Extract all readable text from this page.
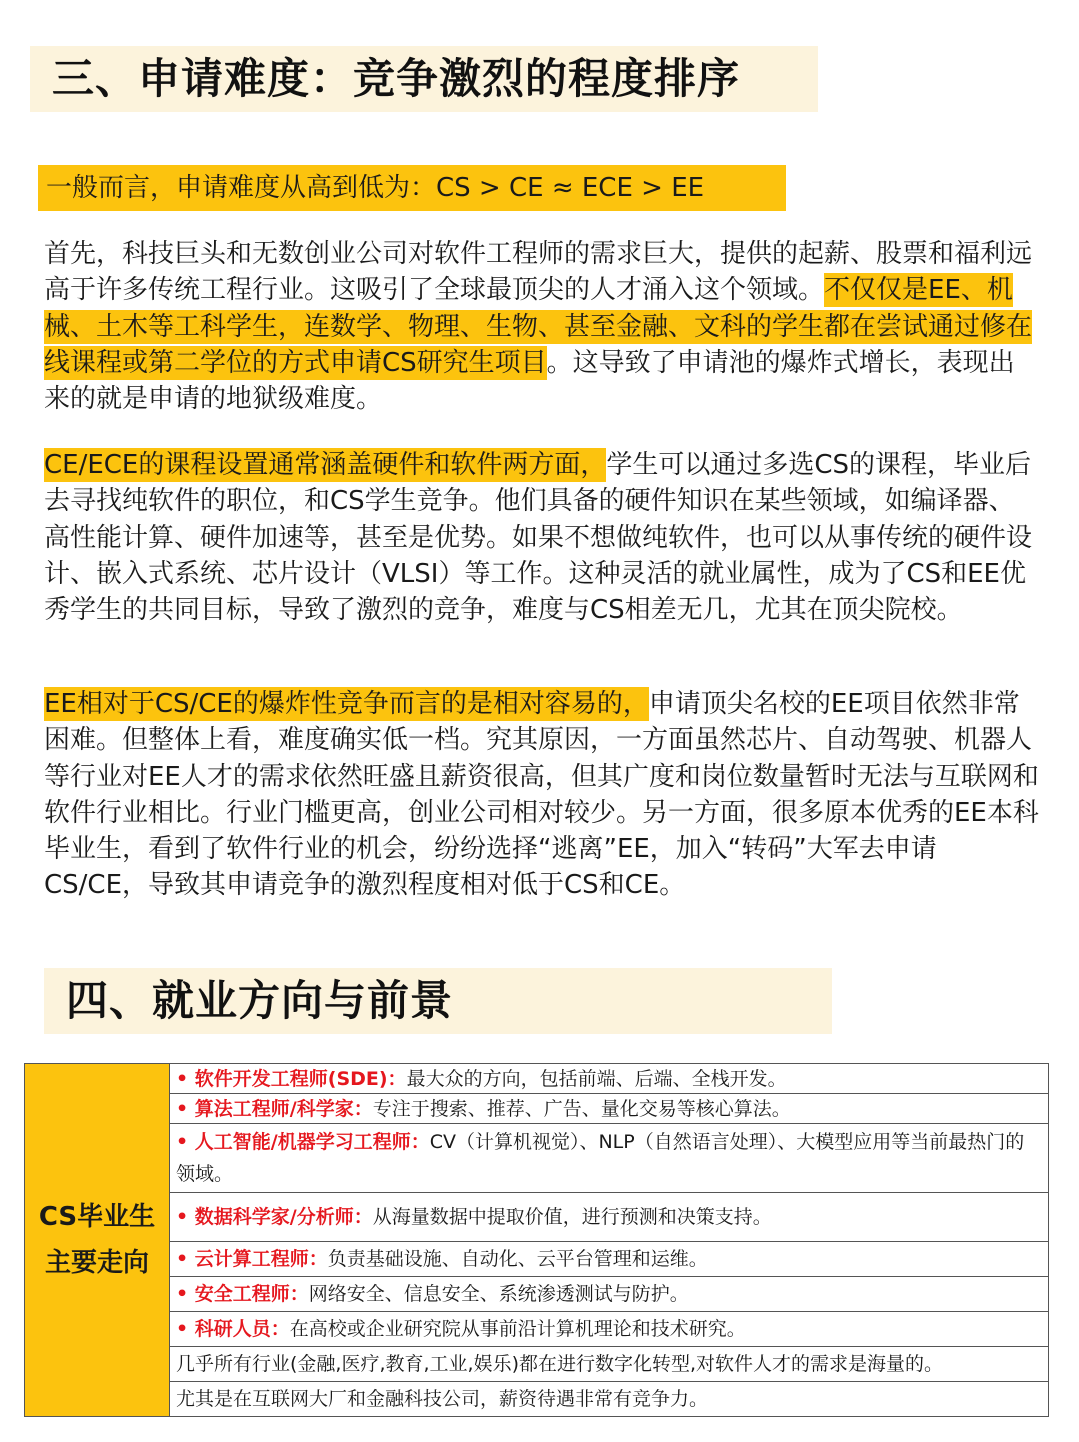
三、申请难度：竞争激烈的程度排序
一般而言，申请难度从高到低为：CS > CE ≈ ECE > EE

首先，科技巨头和无数创业公司对软件工程师的需求巨大，提供的起薪、股票和福利远高于许多传统工程行业。这吸引了全球最顶尖的人才涌入这个领域。不仅仅是EE、机械、土木等工科学生，连数学、物理、生物、甚至金融、文科的学生都在尝试通过修在线课程或第二学位的方式申请CS研究生项目。这导致了申请池的爆炸式增长，表现出来的就是申请的地狱级难度。

CE/ECE的课程设置通常涵盖硬件和软件两方面，学生可以通过多选CS的课程，毕业后去寻找纯软件的职位，和CS学生竞争。他们具备的硬件知识在某些领域，如编译器、高性能计算、硬件加速等，甚至是优势。如果不想做纯软件，也可以从事传统的硬件设计、嵌入式系统、芯片设计（VLSI）等工作。这种灵活的就业属性，成为了CS和EE优秀学生的共同目标，导致了激烈的竞争，难度与CS相差无几，尤其在顶尖院校。

EE相对于CS/CE的爆炸性竞争而言的是相对容易的，申请顶尖名校的EE项目依然非常困难。但整体上看，难度确实低一档。究其原因，一方面虽然芯片、自动驾驶、机器人等行业对EE人才的需求依然旺盛且薪资很高，但其广度和岗位数量暂时无法与互联网和软件行业相比。行业门槛更高，创业公司相对较少。另一方面，很多原本优秀的EE本科毕业生，看到了软件行业的机会，纷纷选择“逃离”EE，加入“转码”大军去申请CS/CE，导致其申请竞争的激烈程度相对低于CS和CE。

四、就业方向与前景
CS毕业生
主要走向	• 软件开发工程师(SDE)：最大众的方向，包括前端、后端、全栈开发。
• 算法工程师/科学家：专注于搜索、推荐、广告、量化交易等核心算法。
• 人工智能/机器学习工程师：CV（计算机视觉）、NLP（自然语言处理）、大模型应用等当前最热门的领域。
• 数据科学家/分析师：从海量数据中提取价值，进行预测和决策支持。
• 云计算工程师：负责基础设施、自动化、云平台管理和运维。
• 安全工程师：网络安全、信息安全、系统渗透测试与防护。
• 科研人员：在高校或企业研究院从事前沿计算机理论和技术研究。
几乎所有行业(金融,医疗,教育,工业,娱乐)都在进行数字化转型,对软件人才的需求是海量的。
尤其是在互联网大厂和金融科技公司，薪资待遇非常有竞争力。
